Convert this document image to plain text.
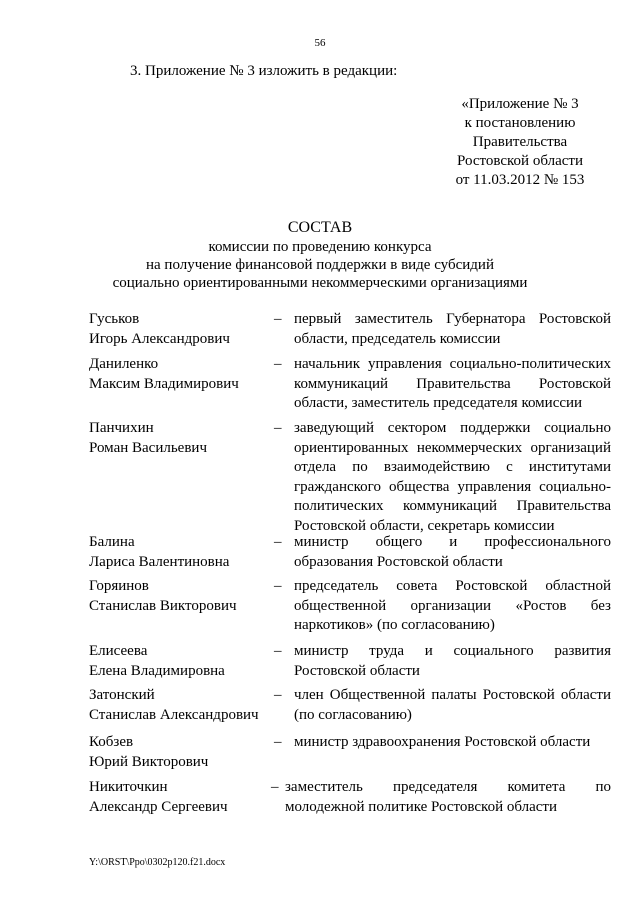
56
3. Приложение № 3 изложить в редакции:
«Приложение № 3
к постановлению
Правительства
Ростовской области
от 11.03.2012 № 153
СОСТАВ
комиссии по проведению конкурса
на получение финансовой поддержки в виде субсидий
социально ориентированными некоммерческими организациями
Гуськов
Игорь Александрович
– первый заместитель Губернатора Ростовской области, председатель комиссии
Даниленко
Максим Владимирович
– начальник управления социально-политических коммуникаций Правительства Ростовской области, заместитель председателя комиссии
Панчихин
Роман Васильевич
– заведующий сектором поддержки социально ориентированных некоммерческих организаций отдела по взаимодействию с институтами гражданского общества управления социально-политических коммуникаций Правительства Ростовской области, секретарь комиссии
Балина
Лариса Валентиновна
– министр общего и профессионального образования Ростовской области
Горяинов
Станислав Викторович
– председатель совета Ростовской областной общественной организации «Ростов без наркотиков» (по согласованию)
Елисеева
Елена Владимировна
– министр труда и социального развития Ростовской области
Затонский
Станислав Александрович
– член Общественной палаты Ростовской области (по согласованию)
Кобзев
Юрий Викторович
– министр здравоохранения Ростовской области
Никиточкин
Александр Сергеевич
– заместитель председателя комитета по молодежной политике Ростовской области
Y:\ORST\Ppo\0302p120.f21.docx
